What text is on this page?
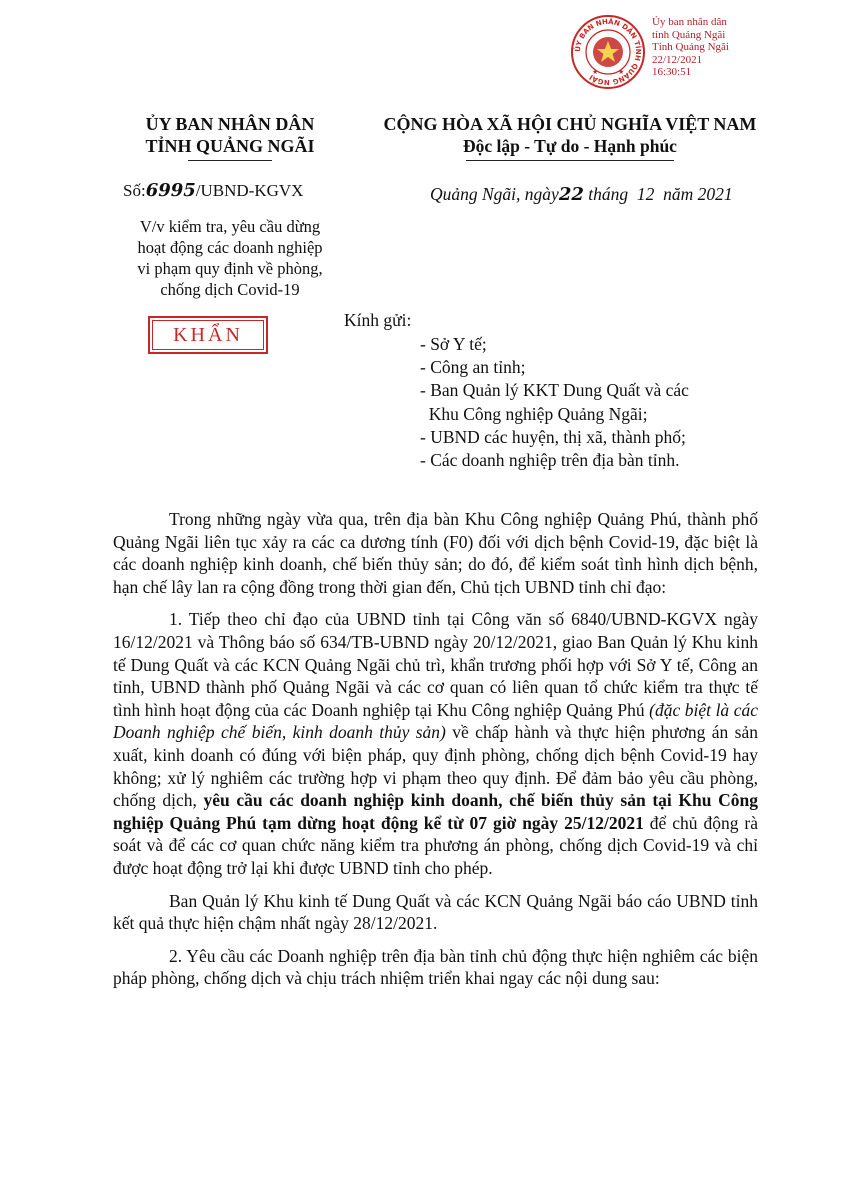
ỦY BAN NHÂN DÂN TỈNH QUẢNG NGÃI
★	★
Ủy ban nhân dân
tỉnh Quảng Ngãi
Tỉnh Quảng Ngãi
22/12/2021
16:30:51
ỦY BAN NHÂN DÂN
TỈNH QUẢNG NGÃI
Số:6995/UBND-KGVX
V/v kiểm tra, yêu cầu dừng
hoạt động các doanh nghiệp
vi phạm quy định về phòng,
chống dịch Covid-19
KHẨN
CỘNG HÒA XÃ HỘI CHỦ NGHĨA VIỆT NAM
Độc lập - Tự do - Hạnh phúc
Quảng Ngãi, ngày22 tháng  12  năm 2021
Kính gửi:
- Sở Y tế;
- Công an tỉnh;
- Ban Quản lý KKT Dung Quất và các
Khu Công nghiệp Quảng Ngãi;
- UBND các huyện, thị xã, thành phố;
- Các doanh nghiệp trên địa bàn tỉnh.

Trong những ngày vừa qua, trên địa bàn Khu Công nghiệp Quảng Phú, thành phố Quảng Ngãi liên tục xảy ra các ca dương tính (F0) đối với dịch bệnh Covid-19, đặc biệt là các doanh nghiệp kinh doanh, chế biến thủy sản; do đó, để kiểm soát tình hình dịch bệnh, hạn chế lây lan ra cộng đồng trong thời gian đến, Chủ tịch UBND tỉnh chỉ đạo:

1. Tiếp theo chỉ đạo của UBND tỉnh tại Công văn số 6840/UBND-KGVX ngày 16/12/2021 và Thông báo số 634/TB-UBND ngày 20/12/2021, giao Ban Quản lý Khu kinh tế Dung Quất và các KCN Quảng Ngãi chủ trì, khẩn trương phối hợp với Sở Y tế, Công an tỉnh, UBND thành phố Quảng Ngãi và các cơ quan có liên quan tổ chức kiểm tra thực tế tình hình hoạt động của các Doanh nghiệp tại Khu Công nghiệp Quảng Phú (đặc biệt là các Doanh nghiệp chế biến, kinh doanh thủy sản) về chấp hành và thực hiện phương án sản xuất, kinh doanh có đúng với biện pháp, quy định phòng, chống dịch bệnh Covid-19 hay không; xử lý nghiêm các trường hợp vi phạm theo quy định. Để đảm bảo yêu cầu phòng, chống dịch, yêu cầu các doanh nghiệp kinh doanh, chế biến thủy sản tại Khu Công nghiệp Quảng Phú tạm dừng hoạt động kể từ 07 giờ ngày 25/12/2021 để chủ động rà soát và để các cơ quan chức năng kiểm tra phương án phòng, chống dịch Covid-19 và chỉ được hoạt động trở lại khi được UBND tỉnh cho phép.

Ban Quản lý Khu kinh tế Dung Quất và các KCN Quảng Ngãi báo cáo UBND tỉnh kết quả thực hiện chậm nhất ngày 28/12/2021.

2. Yêu cầu các Doanh nghiệp trên địa bàn tỉnh chủ động thực hiện nghiêm các biện pháp phòng, chống dịch và chịu trách nhiệm triển khai ngay các nội dung sau:
